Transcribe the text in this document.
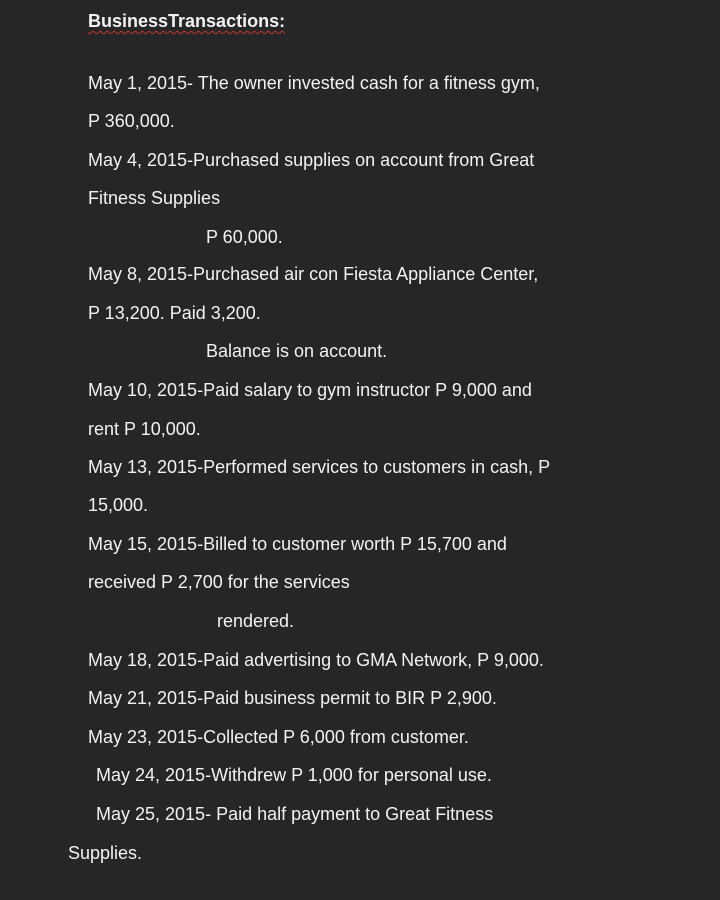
BusinessTransactions:
May 1, 2015- The owner invested cash for a fitness gym,
P 360,000.
May 4, 2015-Purchased supplies on account from Great
Fitness Supplies
P 60,000.
May 8, 2015-Purchased air con Fiesta Appliance Center,
P 13,200. Paid 3,200.
Balance is on account.
May 10, 2015-Paid salary to gym instructor P 9,000 and
rent P 10,000.
May 13, 2015-Performed services to customers in cash, P
15,000.
May 15, 2015-Billed to customer worth P 15,700 and
received P 2,700 for the services
rendered.
May 18, 2015-Paid advertising to GMA Network, P 9,000.
May 21, 2015-Paid business permit to BIR P 2,900.
May 23, 2015-Collected P 6,000 from customer.
May 24, 2015-Withdrew P 1,000 for personal use.
May 25, 2015- Paid half payment to Great Fitness
Supplies.
